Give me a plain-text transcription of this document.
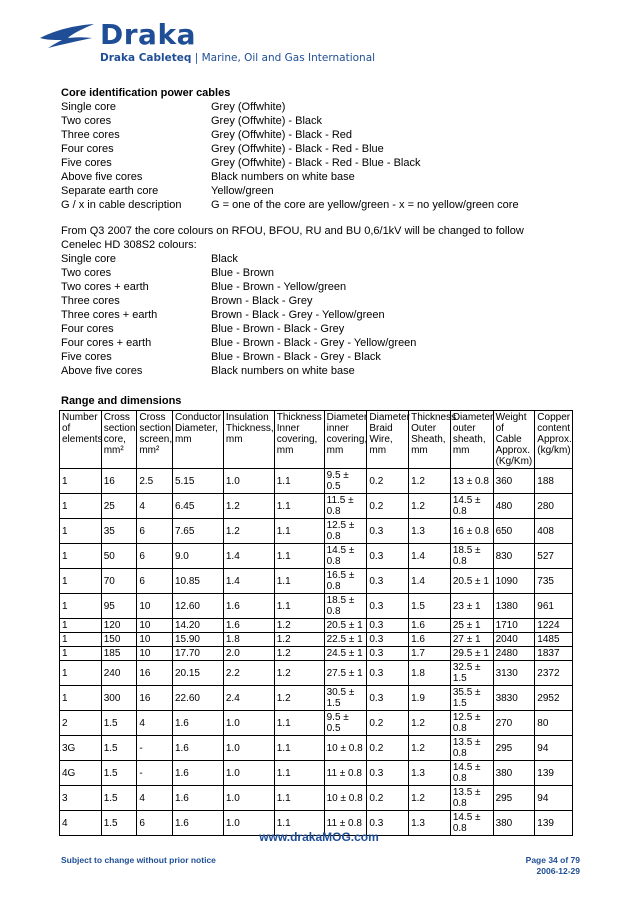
Draka
Draka Cableteq | Marine, Oil and Gas International
Core identification power cables
Single core	Grey (Offwhite)
Two cores	Grey (Offwhite) - Black
Three cores	Grey (Offwhite) - Black - Red
Four cores	Grey (Offwhite) - Black - Red - Blue
Five cores	Grey (Offwhite) - Black - Red - Blue - Black
Above five cores	Black numbers on white base
Separate earth core	Yellow/green
G / x in cable description	G = one of the core are yellow/green - x = no yellow/green core
From Q3 2007 the core colours on RFOU, BFOU, RU and BU 0,6/1kV will be changed to follow
Cenelec HD 308S2 colours:
Single core	Black
Two cores	Blue - Brown
Two cores + earth	Blue - Brown - Yellow/green
Three cores	Brown - Black - Grey
Three cores + earth	Brown - Black - Grey - Yellow/green
Four cores	Blue - Brown - Black - Grey
Four cores + earth	Blue - Brown - Black - Grey - Yellow/green
Five cores	Blue - Brown - Black - Grey - Black
Above five cores	Black numbers on white base
Range and dimensions
Number of elements	Cross section core, mm²	Cross section screen, mm²	Conductor Diameter, mm	Insulation Thickness, mm	Thickness Inner covering, mm	Diameter inner covering, mm	Diameter Braid Wire, mm	Thickness Outer Sheath, mm	Diameter outer sheath, mm	Weight of Cable Approx. (Kg/Km)	Copper content Approx. (kg/km)
1	16	2.5	5.15	1.0	1.1	9.5 ± 0.5	0.2	1.2	13 ± 0.8	360	188
1	25	4	6.45	1.2	1.1	11.5 ± 0.8	0.2	1.2	14.5 ± 0.8	480	280
1	35	6	7.65	1.2	1.1	12.5 ± 0.8	0.3	1.3	16 ± 0.8	650	408
1	50	6	9.0	1.4	1.1	14.5 ± 0.8	0.3	1.4	18.5 ± 0.8	830	527
1	70	6	10.85	1.4	1.1	16.5 ± 0.8	0.3	1.4	20.5 ± 1	1090	735
1	95	10	12.60	1.6	1.1	18.5 ± 0.8	0.3	1.5	23 ± 1	1380	961
1	120	10	14.20	1.6	1.2	20.5 ± 1	0.3	1.6	25 ± 1	1710	1224
1	150	10	15.90	1.8	1.2	22.5 ± 1	0.3	1.6	27 ± 1	2040	1485
1	185	10	17.70	2.0	1.2	24.5 ± 1	0.3	1.7	29.5 ± 1	2480	1837
1	240	16	20.15	2.2	1.2	27.5 ± 1	0.3	1.8	32.5 ± 1.5	3130	2372
1	300	16	22.60	2.4	1.2	30.5 ± 1.5	0.3	1.9	35.5 ± 1.5	3830	2952
2	1.5	4	1.6	1.0	1.1	9.5 ± 0.5	0.2	1.2	12.5 ± 0.8	270	80
3G	1.5	-	1.6	1.0	1.1	10 ± 0.8	0.2	1.2	13.5 ± 0.8	295	94
4G	1.5	-	1.6	1.0	1.1	11 ± 0.8	0.3	1.3	14.5 ± 0.8	380	139
3	1.5	4	1.6	1.0	1.1	10 ± 0.8	0.2	1.2	13.5 ± 0.8	295	94
4	1.5	6	1.6	1.0	1.1	11 ± 0.8	0.3	1.3	14.5 ± 0.8	380	139
www.drakaMOG.com
Subject to change without prior notice	Page 34 of 79
2006-12-29
